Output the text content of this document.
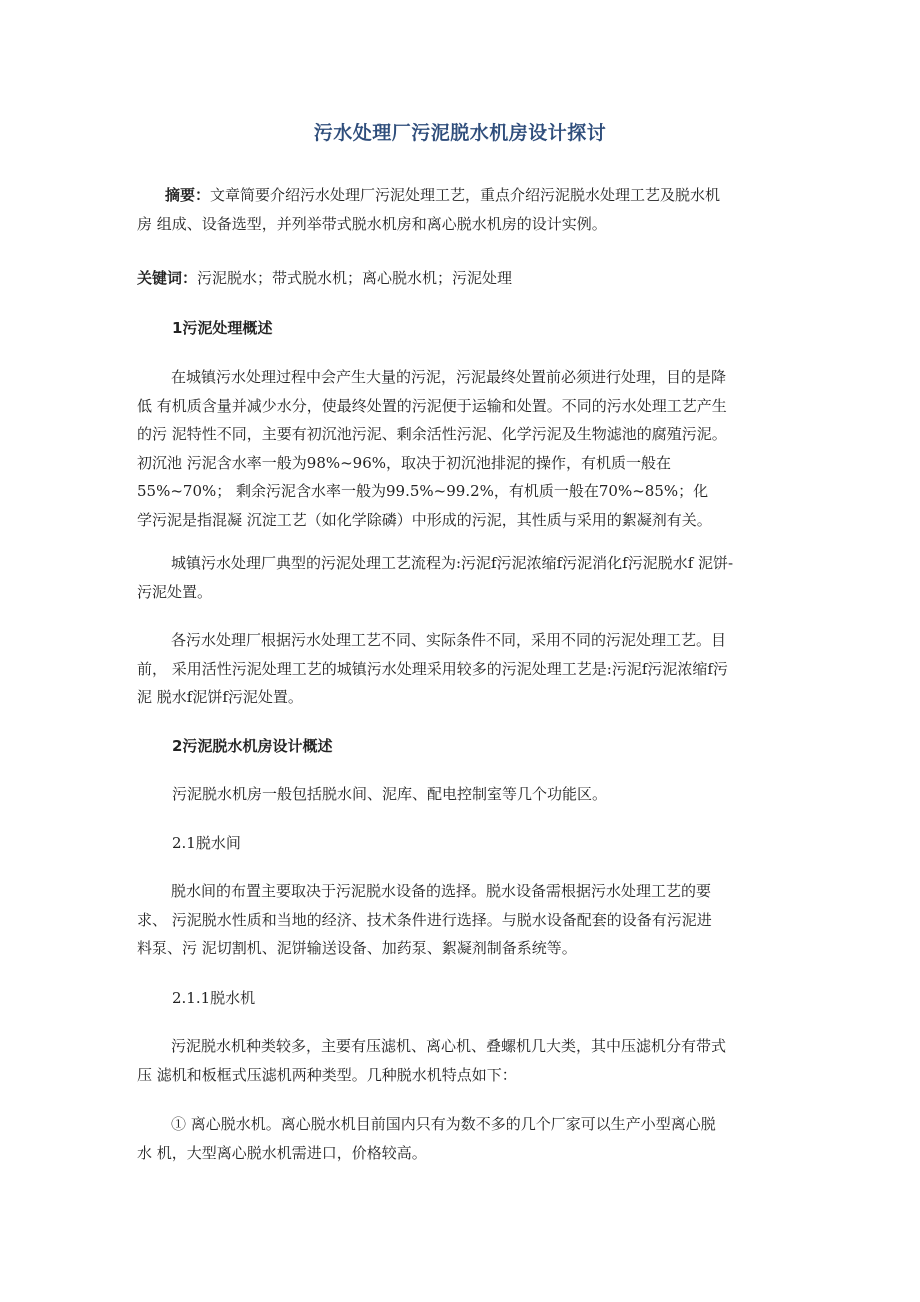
污水处理厂污泥脱水机房设计探讨
摘要：文章简要介绍污水处理厂污泥处理工艺，重点介绍污泥脱水处理工艺及脱水机
房 组成、设备选型，并列举带式脱水机房和离心脱水机房的设计实例。
关键词：污泥脱水；带式脱水机；离心脱水机；污泥处理
1污泥处理概述
在城镇污水处理过程中会产生大量的污泥，污泥最终处置前必须进行处理，目的是降
低 有机质含量并减少水分，使最终处置的污泥便于运输和处置。不同的污水处理工艺产生
的污 泥特性不同，主要有初沉池污泥、剩余活性污泥、化学污泥及生物滤池的腐殖污泥。
初沉池 污泥含水率一般为98%~96%，取决于初沉池排泥的操作，有机质一般在
55%~70%； 剩余污泥含水率一般为99.5%~99.2%，有机质一般在70%~85%；化
学污泥是指混凝 沉淀工艺（如化学除磷）中形成的污泥，其性质与采用的絮凝剂有关。
城镇污水处理厂典型的污泥处理工艺流程为:污泥f污泥浓缩f污泥消化f污泥脱水f 泥饼-
污泥处置。
各污水处理厂根据污水处理工艺不同、实际条件不同，采用不同的污泥处理工艺。目
前， 采用活性污泥处理工艺的城镇污水处理采用较多的污泥处理工艺是:污泥f污泥浓缩f污
泥 脱水f泥饼f污泥处置。
2污泥脱水机房设计概述
污泥脱水机房一般包括脱水间、泥库、配电控制室等几个功能区。
2.1脱水间
脱水间的布置主要取决于污泥脱水设备的选择。脱水设备需根据污水处理工艺的要
求、 污泥脱水性质和当地的经济、技术条件进行选择。与脱水设备配套的设备有污泥进
料泵、污 泥切割机、泥饼输送设备、加药泵、絮凝剂制备系统等。
2.1.1脱水机
污泥脱水机种类较多，主要有压滤机、离心机、叠螺机几大类，其中压滤机分有带式
压 滤机和板框式压滤机两种类型。几种脱水机特点如下：
① 离心脱水机。离心脱水机目前国内只有为数不多的几个厂家可以生产小型离心脱
水 机，大型离心脱水机需进口，价格较高。
